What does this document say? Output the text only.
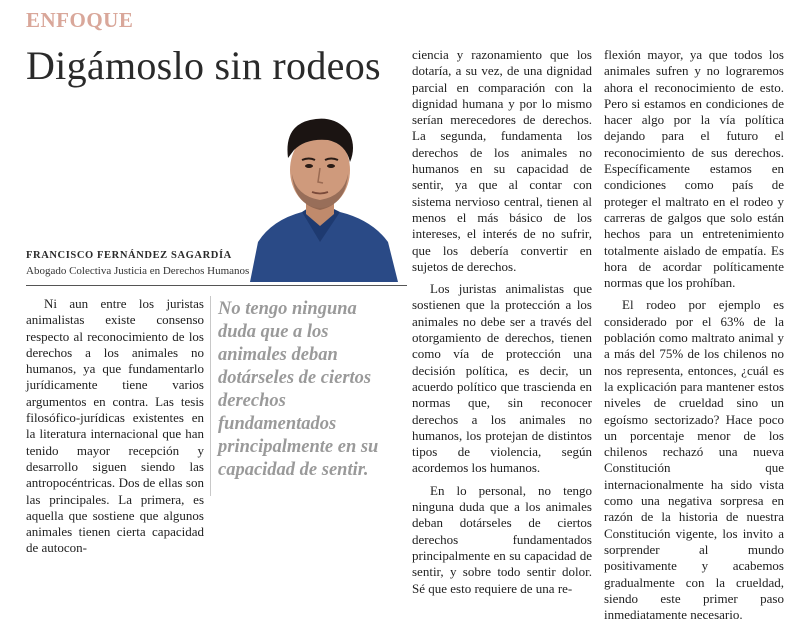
ENFOQUE
Digámoslo sin rodeos
FRANCISCO FERNÁNDEZ SAGARDÍA
Abogado Colectiva Justicia en Derechos Humanos

Ni aun entre los juristas animalistas existe consenso respecto al reconocimiento de los derechos a los animales no humanos, ya que fundamentarlo jurídicamente tiene varios argumentos en contra. Las tesis filosófico-jurídicas existentes en la literatura internacional que han tenido mayor recepción y desarrollo siguen siendo las antropocéntricas. Dos de ellas son las principales. La primera, es aquella que sostiene que algunos animales tienen cierta capacidad de autocon-

No tengo ninguna duda que a los animales deban dotárseles de ciertos derechos fundamentados principalmente en su capacidad de sentir.

ciencia y razonamiento que los dotaría, a su vez, de una dignidad parcial en comparación con la dignidad humana y por lo mismo serían merecedores de derechos. La segunda, fundamenta los derechos de los animales no humanos en su capacidad de sentir, ya que al contar con sistema nervioso central, tienen al menos el más básico de los intereses, el interés de no sufrir, que los debería convertir en sujetos de derechos.

Los juristas animalistas que sostienen que la protección a los animales no debe ser a través del otorgamiento de derechos, tienen como vía de protección una decisión política, es decir, un acuerdo político que trascienda en normas que, sin reconocer derechos a los animales no humanos, los protejan de distintos tipos de violencia, según acordemos los humanos.

En lo personal, no tengo ninguna duda que a los animales deban dotárseles de ciertos derechos fundamentados principalmente en su capacidad de sentir, y sobre todo sentir dolor. Sé que esto requiere de una re-

flexión mayor, ya que todos los animales sufren y no lograremos ahora el reconocimiento de esto. Pero si estamos en condiciones de hacer algo por la vía política dejando para el futuro el reconocimiento de sus derechos. Específicamente estamos en condiciones como país de proteger el maltrato en el rodeo y carreras de galgos que solo están hechos para un entretenimiento totalmente aislado de empatía. Es hora de acordar políticamente normas que los prohíban.

El rodeo por ejemplo es considerado por el 63% de la población como maltrato animal y a más del 75% de los chilenos no nos representa, entonces, ¿cuál es la explicación para mantener estos niveles de crueldad sino un egoísmo sectorizado? Hace poco un porcentaje menor de los chilenos rechazó una nueva Constitución que internacionalmente ha sido vista como una negativa sorpresa en razón de la historia de nuestra Constitución vigente, los invito a sorprender al mundo positivamente y acabemos gradualmente con la crueldad, siendo este primer paso inmediatamente necesario.
